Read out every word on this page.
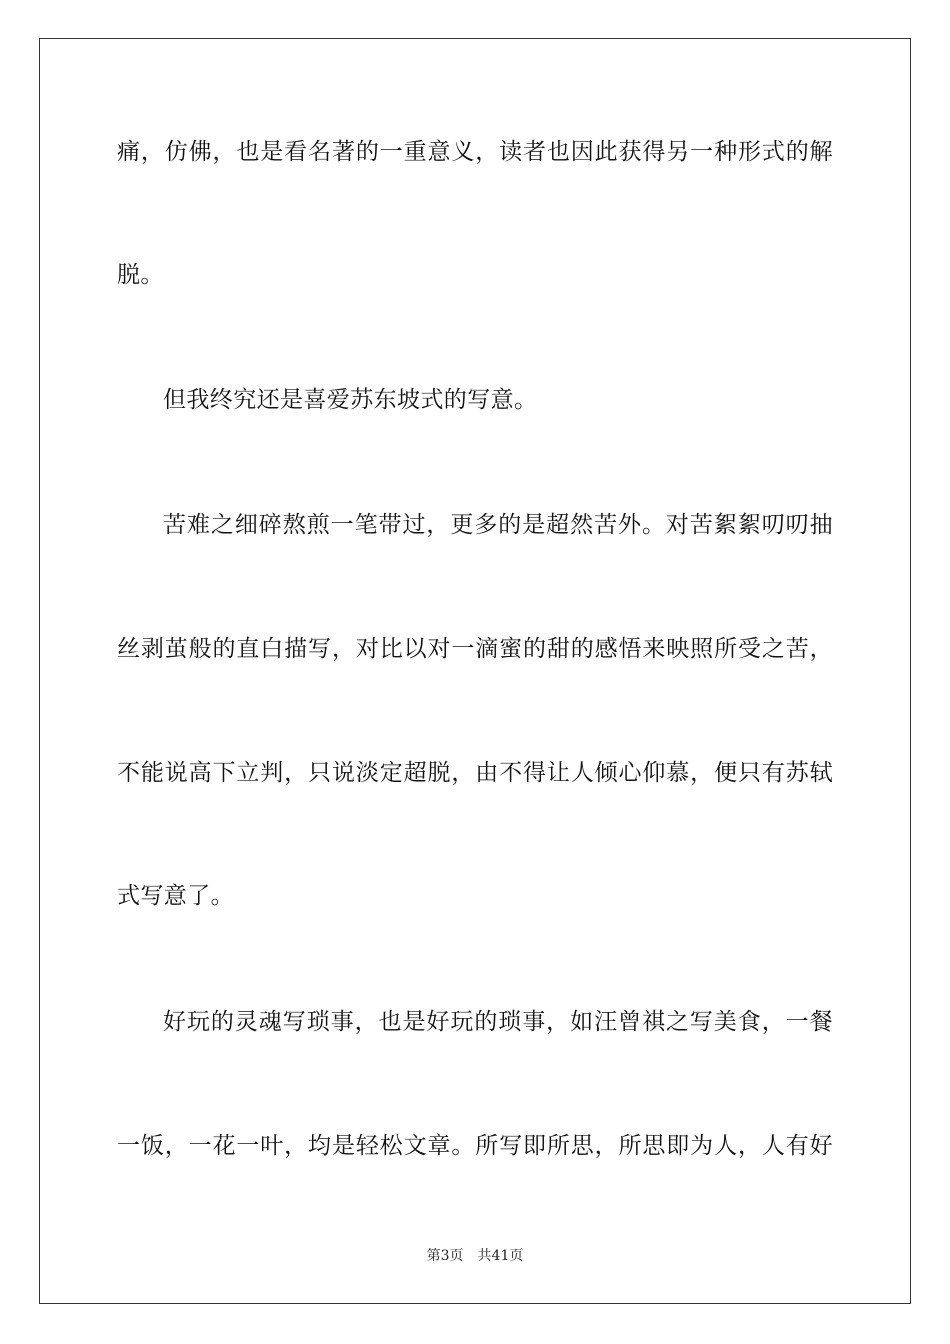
痛，仿佛，也是看名著的一重意义，读者也因此获得另一种形式的解
脱。
但我终究还是喜爱苏东坡式的写意。
苦难之细碎熬煎一笔带过，更多的是超然苦外。对苦絮絮叨叨抽
丝剥茧般的直白描写，对比以对一滴蜜的甜的感悟来映照所受之苦，
不能说高下立判，只说淡定超脱，由不得让人倾心仰慕，便只有苏轼
式写意了。
好玩的灵魂写琐事，也是好玩的琐事，如汪曾祺之写美食，一餐
一饭，一花一叶，均是轻松文章。所写即所思，所思即为人，人有好
第3页 共41页
